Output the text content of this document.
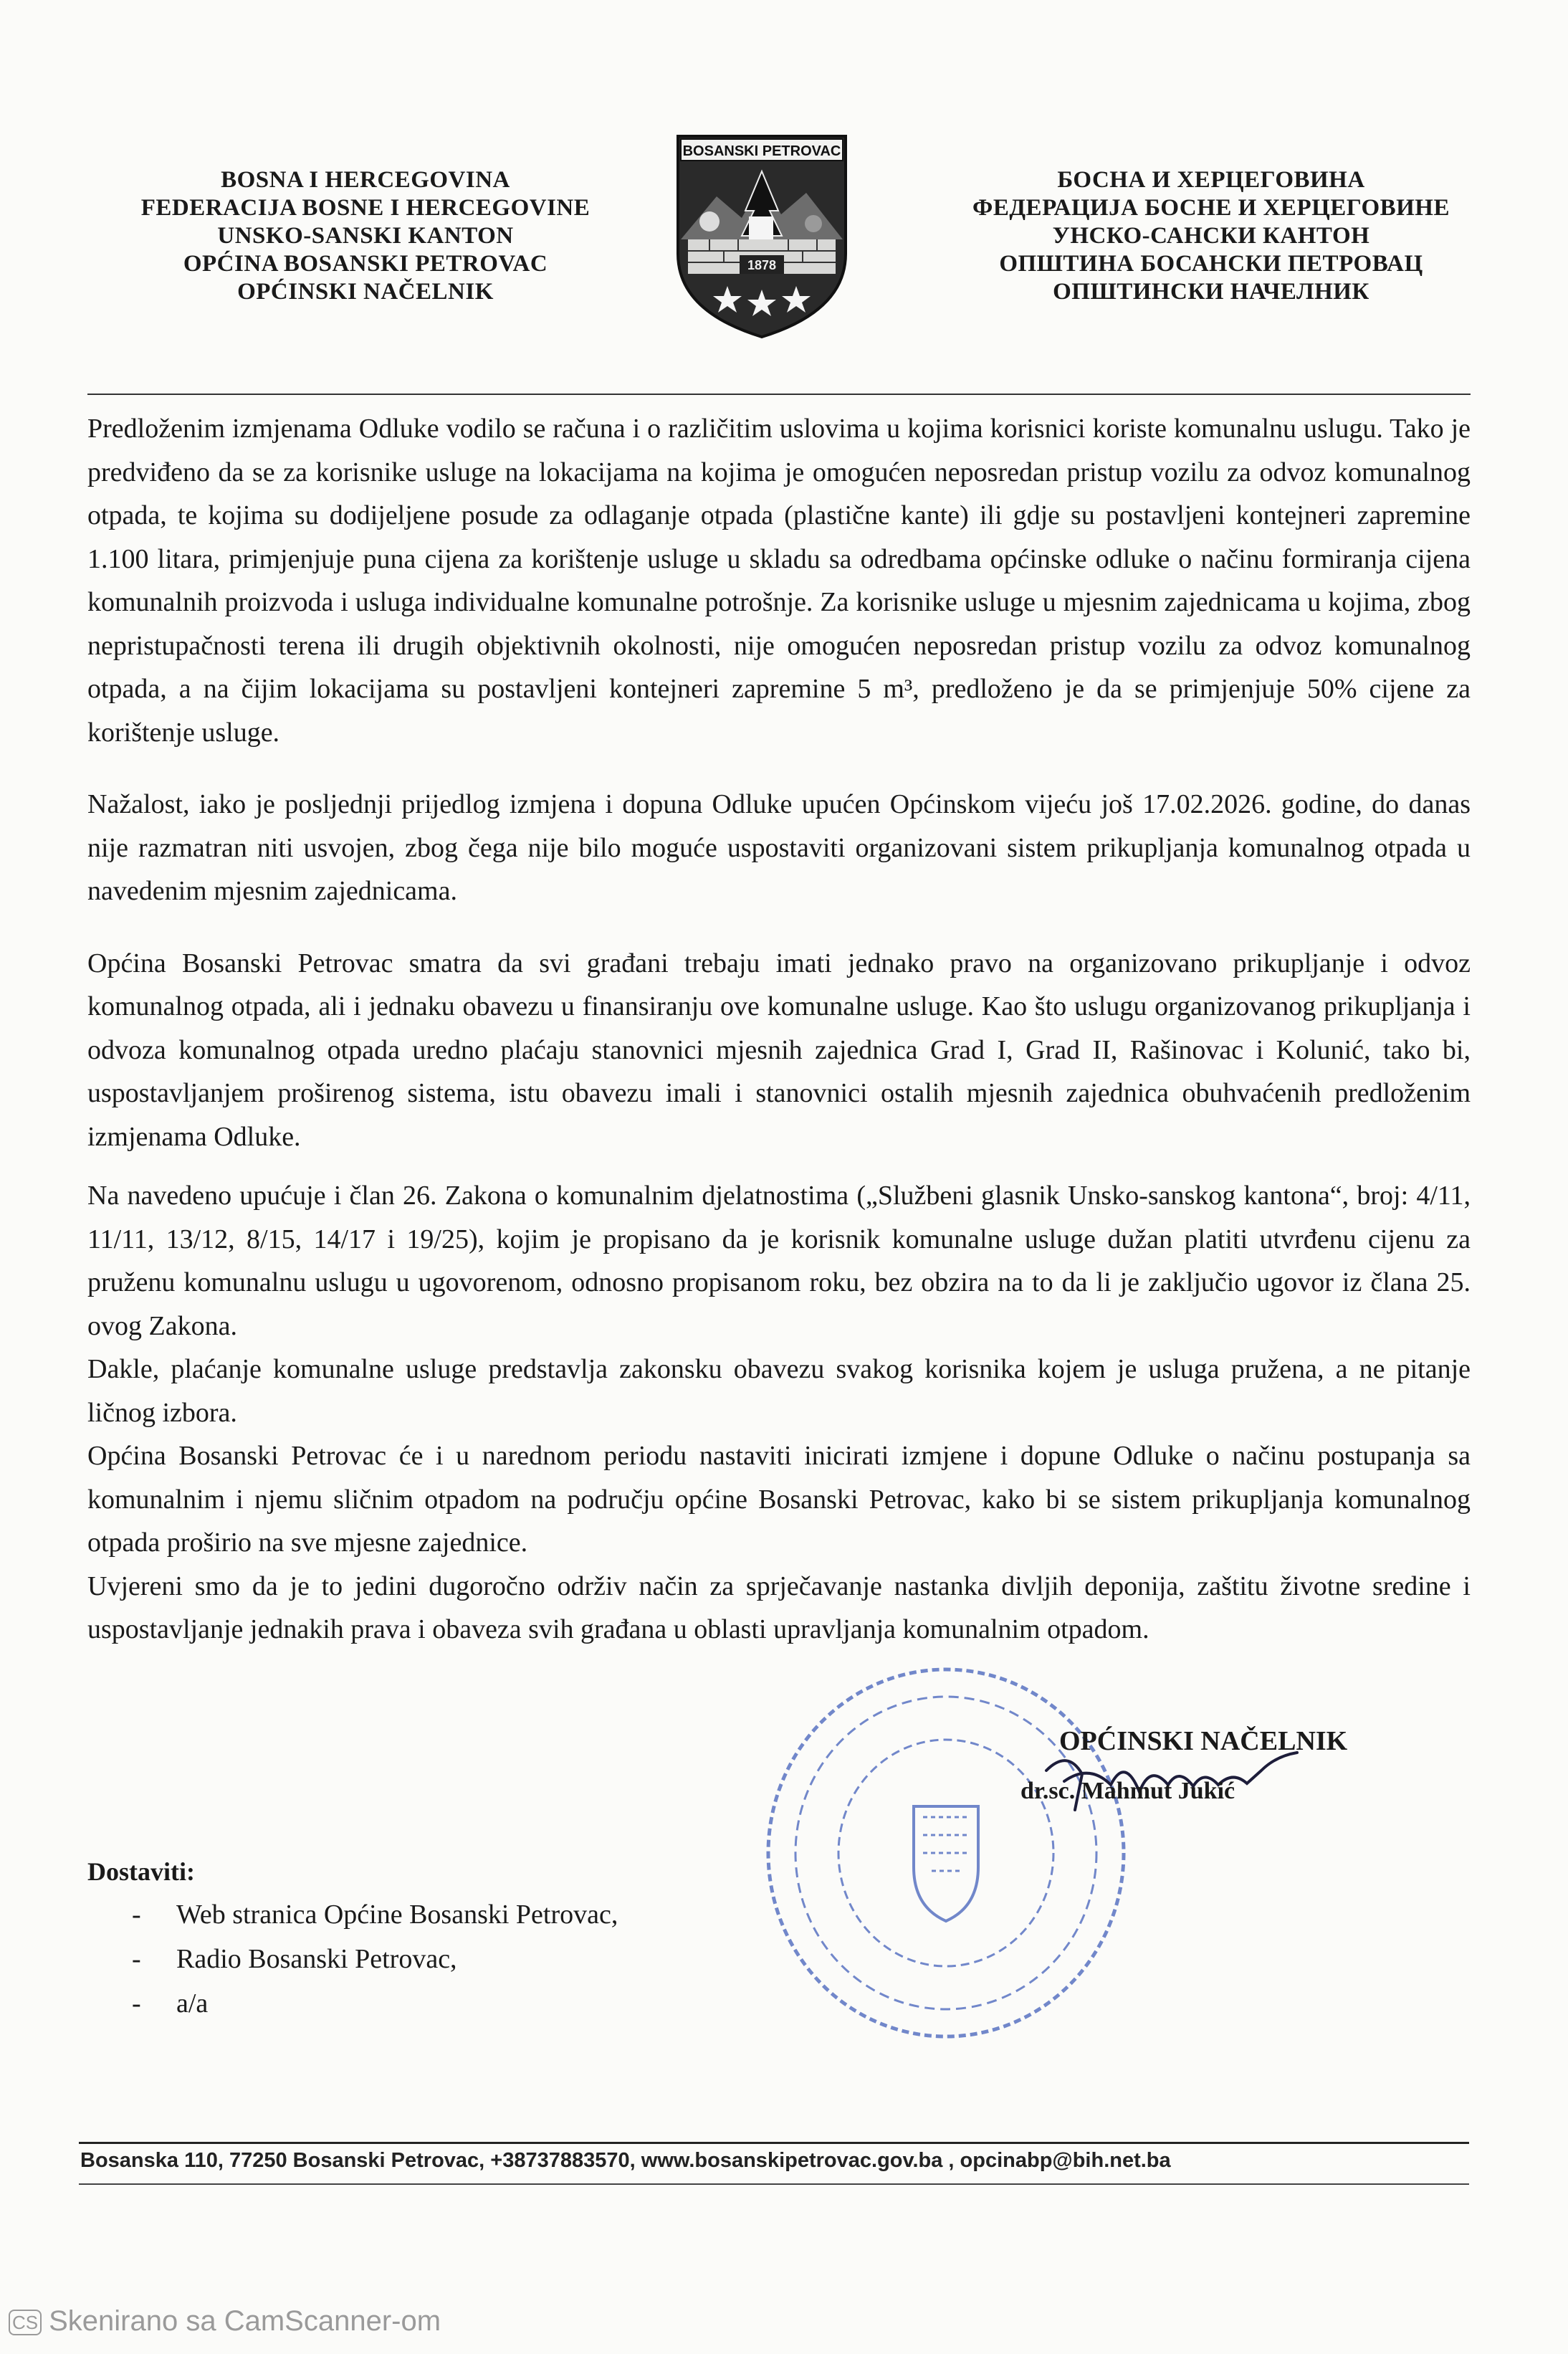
BOSNA I HERCEGOVINA
FEDERACIJA BOSNE I HERCEGOVINE
UNSKO-SANSKI KANTON
OPĆINA BOSANSKI PETROVAC
OPĆINSKI NAČELNIK
BOSANSKI PETROVAC
1878
БОСНА И ХЕРЦЕГОВИНА
ФЕДЕРАЦИЈА БОСНЕ И ХЕРЦЕГОВИНЕ
УНСКО-САНСКИ КАНТОН
ОПШТИНА БОСАНСКИ ПЕТРОВАЦ
ОПШТИНСКИ НАЧЕЛНИК

Predloženim izmjenama Odluke vodilo se računa i o različitim uslovima u kojima korisnici koriste komunalnu uslugu. Tako je predviđeno da se za korisnike usluge na lokacijama na kojima je omogućen neposredan pristup vozilu za odvoz komunalnog otpada, te kojima su dodijeljene posude za odlaganje otpada (plastične kante) ili gdje su postavljeni kontejneri zapremine 1.100 litara, primjenjuje puna cijena za korištenje usluge u skladu sa odredbama općinske odluke o načinu formiranja cijena komunalnih proizvoda i usluga individualne komunalne potrošnje. Za korisnike usluge u mjesnim zajednicama u kojima, zbog nepristupačnosti terena ili drugih objektivnih okolnosti, nije omogućen neposredan pristup vozilu za odvoz komunalnog otpada, a na čijim lokacijama su postavljeni kontejneri zapremine 5 m³, predloženo je da se primjenjuje 50% cijene za korištenje usluge.

Nažalost, iako je posljednji prijedlog izmjena i dopuna Odluke upućen Općinskom vijeću još 17.02.2026. godine, do danas nije razmatran niti usvojen, zbog čega nije bilo moguće uspostaviti organizovani sistem prikupljanja komunalnog otpada u navedenim mjesnim zajednicama.

Općina Bosanski Petrovac smatra da svi građani trebaju imati jednako pravo na organizovano prikupljanje i odvoz komunalnog otpada, ali i jednaku obavezu u finansiranju ove komunalne usluge. Kao što uslugu organizovanog prikupljanja i odvoza komunalnog otpada uredno plaćaju stanovnici mjesnih zajednica Grad I, Grad II, Rašinovac i Kolunić, tako bi, uspostavljanjem proširenog sistema, istu obavezu imali i stanovnici ostalih mjesnih zajednica obuhvaćenih predloženim izmjenama Odluke.

Na navedeno upućuje i član 26. Zakona o komunalnim djelatnostima („Službeni glasnik Unsko-sanskog kantona“, broj: 4/11, 11/11, 13/12, 8/15, 14/17 i 19/25), kojim je propisano da je korisnik komunalne usluge dužan platiti utvrđenu cijenu za pruženu komunalnu uslugu u ugovorenom, odnosno propisanom roku, bez obzira na to da li je zaključio ugovor iz člana 25. ovog Zakona.

Dakle, plaćanje komunalne usluge predstavlja zakonsku obavezu svakog korisnika kojem je usluga pružena, a ne pitanje ličnog izbora.

Općina Bosanski Petrovac će i u narednom periodu nastaviti inicirati izmjene i dopune Odluke o načinu postupanja sa komunalnim i njemu sličnim otpadom na području općine Bosanski Petrovac, kako bi se sistem prikupljanja komunalnog otpada proširio na sve mjesne zajednice.

Uvjereni smo da je to jedini dugoročno održiv način za sprječavanje nastanka divljih deponija, zaštitu životne sredine i uspostavljanje jednakih prava i obaveza svih građana u oblasti upravljanja komunalnim otpadom.

OPĆINSKI NAČELNIK
dr.sc. Mahmut Jukić
Dostaviti:
- Web stranica Općine Bosanski Petrovac,
- Radio Bosanski Petrovac,
- a/a
Bosanska 110, 77250 Bosanski Petrovac, +38737883570, www.bosanskipetrovac.gov.ba , opcinabp@bih.net.ba
CS Skenirano sa CamScanner-om
